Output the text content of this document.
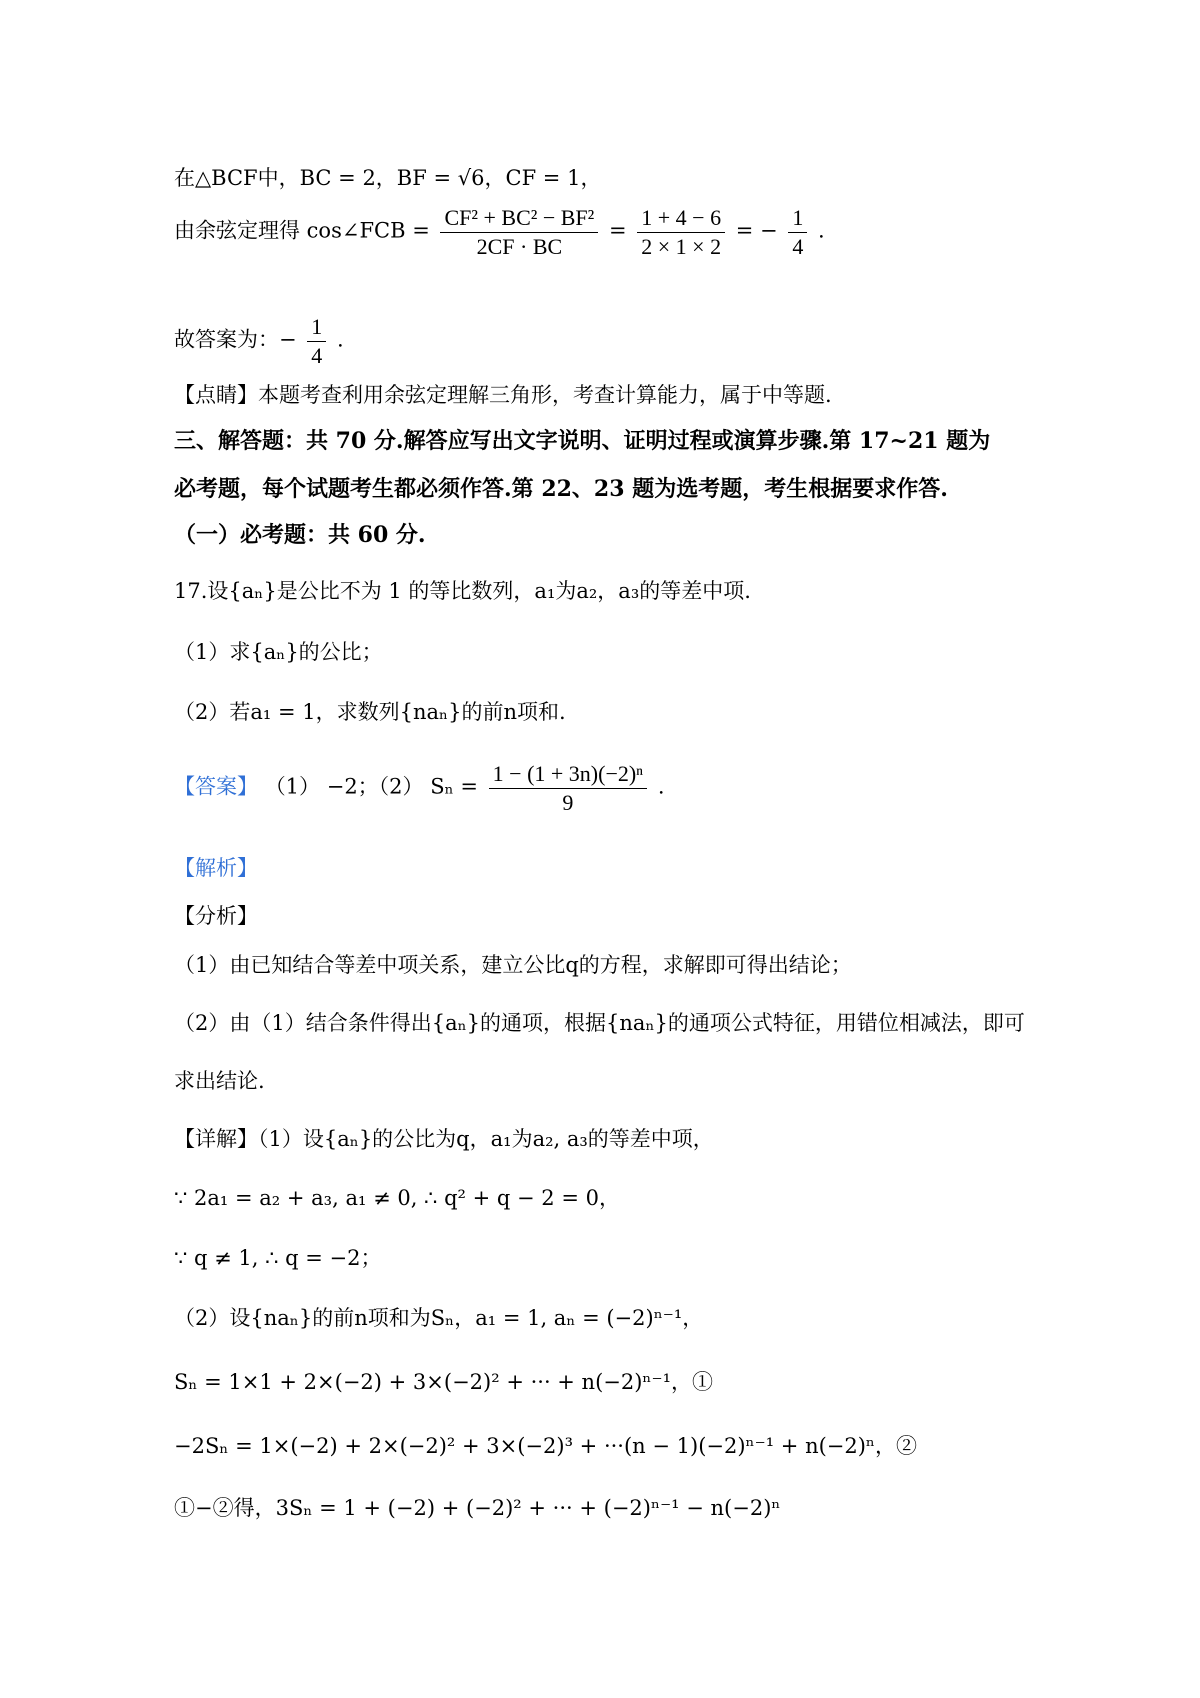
在△BCF中，BC = 2，BF = √6，CF = 1，
由余弦定理得 cos∠FCB = $\frac{\text{CF² + BC² − BF²}}{2CF \cdot BC} = \frac{1 + 4 - 6}{2 \times 1 \times 2}$ = − $\frac{1}{4}$ .
故答案为：− $\frac{1}{4}$ .
【点睛】本题考查利用余弦定理解三角形，考查计算能力，属于中等题.
三、解答题：共 70 分.解答应写出文字说明、证明过程或演算步骤.第 17~21 题为
必考题，每个试题考生都必须作答.第 22、23 题为选考题，考生根据要求作答.
（一）必考题：共 60 分.
17.设{aₙ}是公比不为 1 的等比数列，a₁为a₂，a₃的等差中项.
（1）求{aₙ}的公比；
（2）若a₁ = 1，求数列{naₙ}的前n项和.
【答案】 （1） −2；（2） $S_n = \frac{\text{1 − (1 + 3n)(−2)ⁿ}}{9}$ .
【解析】
【分析】
（1）由已知结合等差中项关系，建立公比q的方程，求解即可得出结论；
（2）由（1）结合条件得出{aₙ}的通项，根据{naₙ}的通项公式特征，用错位相减法，即可
求出结论.
【详解】（1）设{aₙ}的公比为q，a₁为a₂, a₃的等差中项，
∵ 2a₁ = a₂ + a₃, a₁ ≠ 0, ∴ q² + q − 2 = 0，
∵ q ≠ 1, ∴ q = −2；
（2）设{naₙ}的前n项和为Sₙ，a₁ = 1, aₙ = (−2)ⁿ⁻¹，
Sₙ = 1×1 + 2×(−2) + 3×(−2)² + ··· + n(−2)ⁿ⁻¹，①
−2Sₙ = 1×(−2) + 2×(−2)² + 3×(−2)³ + ···(n − 1)(−2)ⁿ⁻¹ + n(−2)ⁿ，②
①−②得，3Sₙ = 1 + (−2) + (−2)² + ··· + (−2)ⁿ⁻¹ − n(−2)ⁿ
